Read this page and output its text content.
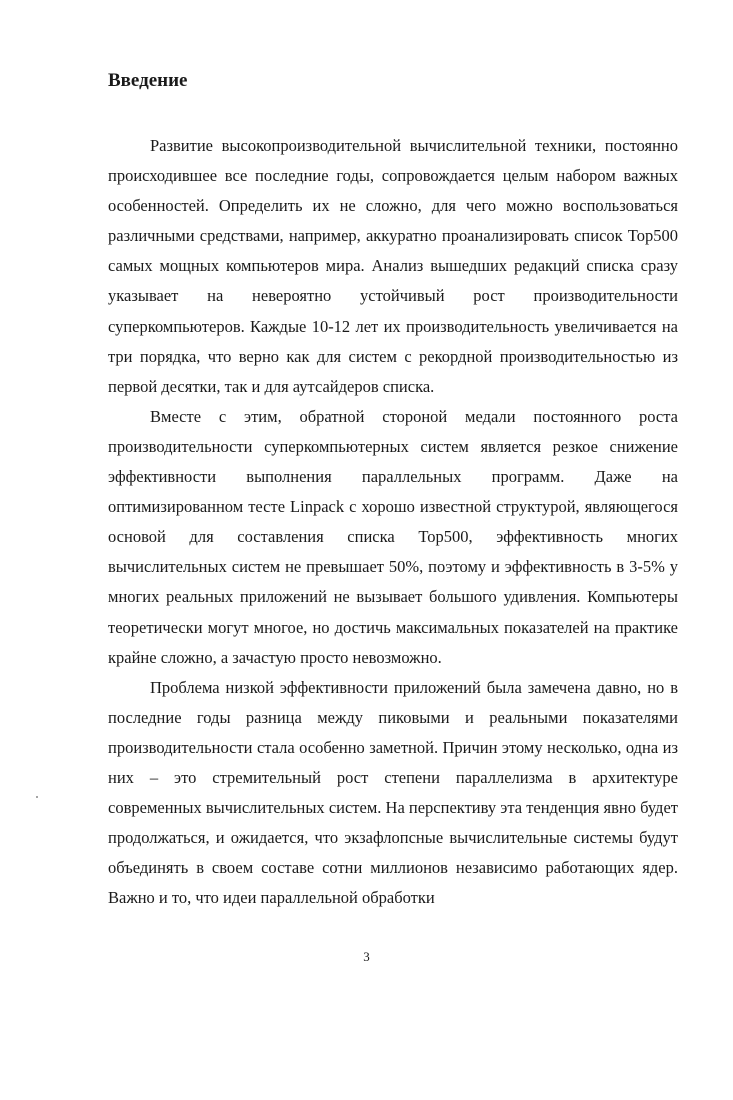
Введение

Развитие высокопроизводительной вычислительной техники, постоянно происходившее все последние годы, сопровождается целым набором важных особенностей. Определить их не сложно, для чего можно воспользоваться различными средствами, например, аккуратно проанализировать список Top500 самых мощных компьютеров мира. Анализ вышедших редакций списка сразу указывает на невероятно устойчивый рост производительности суперкомпьютеров. Каждые 10-12 лет их производительность увеличивается на три порядка, что верно как для систем с рекордной производительностью из первой десятки, так и для аутсайдеров списка.

Вместе с этим, обратной стороной медали постоянного роста производительности суперкомпьютерных систем является резкое снижение эффективности выполнения параллельных программ. Даже на оптимизированном тесте Linpack с хорошо известной структурой, являющегося основой для составления списка Top500, эффективность многих вычислительных систем не превышает 50%, поэтому и эффективность в 3-5% у многих реальных приложений не вызывает большого удивления. Компьютеры теоретически могут многое, но достичь максимальных показателей на практике крайне сложно, а зачастую просто невозможно.

Проблема низкой эффективности приложений была замечена давно, но в последние годы разница между пиковыми и реальными показателями производительности стала особенно заметной. Причин этому несколько, одна из них – это стремительный рост степени параллелизма в архитектуре современных вычислительных систем. На перспективу эта тенденция явно будет продолжаться, и ожидается, что экзафлопсные вычислительные системы будут объединять в своем составе сотни миллионов независимо работающих ядер. Важно и то, что идеи параллельной обработки

3
